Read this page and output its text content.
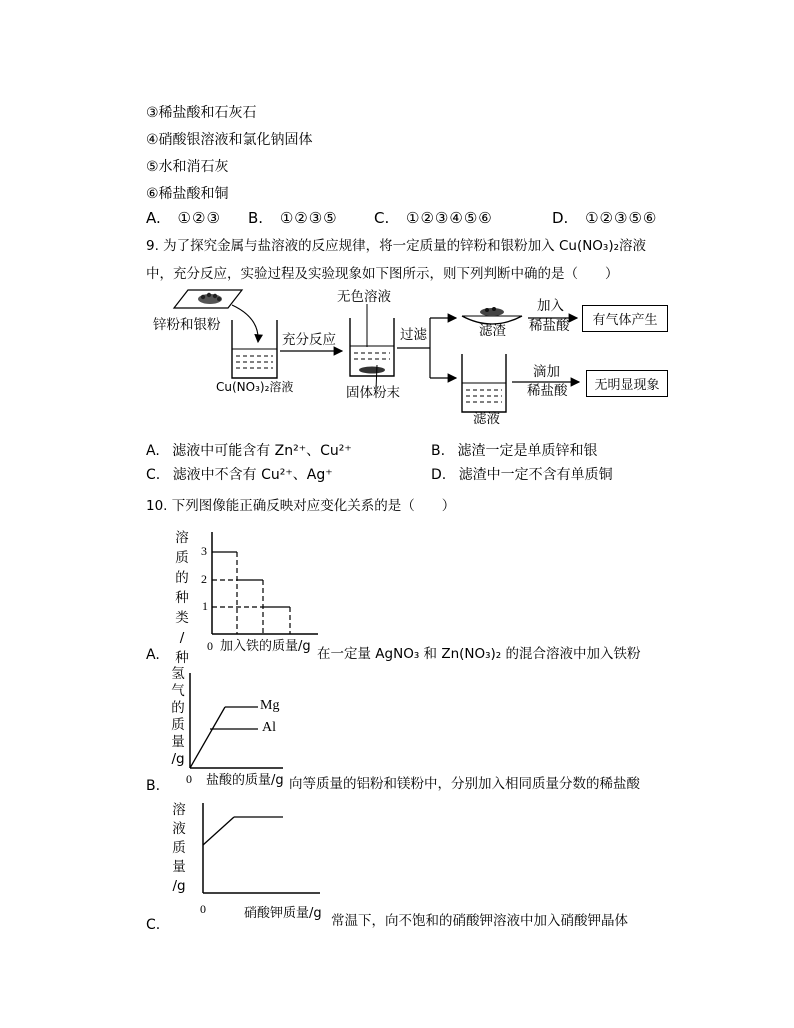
③稀盐酸和石灰石
④硝酸银溶液和氯化钠固体
⑤水和消石灰
⑥稀盐酸和铜
A. ①②③ B. ①②③⑤ C. ①②③④⑤⑥	D. ①②③⑤⑥
9. 为了探究金属与盐溶液的反应规律，将一定质量的锌粉和银粉加入 Cu(NO₃)₂溶液
中，充分反应，实验过程及实验现象如下图所示，则下列判断中确的是（　　）
锌粉和银粉
Cu(NO₃)₂溶液
充分反应
无色溶液
固体粉末
过滤	滤渣
加入
稀盐酸 有气体产生
滤液
滴加
稀盐酸 无明显现象
A. 滤液中可能含有 Zn²⁺、Cu²⁺	B. 滤渣一定是单质锌和银
C. 滤液中不含有 Cu²⁺、Ag⁺	D. 滤渣中一定不含有单质铜
10. 下列图像能正确反映对应变化关系的是（　　）
溶
质
的
种
类
/种
3
2
1
0 加入铁的质量/g
A.	在一定量 AgNO₃ 和 Zn(NO₃)₂ 的混合溶液中加入铁粉
氢
气
的
质
量
/g
Mg
Al
0 盐酸的质量/g
B.	向等质量的铝粉和镁粉中，分别加入相同质量分数的稀盐酸
溶
液
质
量
/g
0	硝酸钾质量/g
C.	常温下，向不饱和的硝酸钾溶液中加入硝酸钾晶体
